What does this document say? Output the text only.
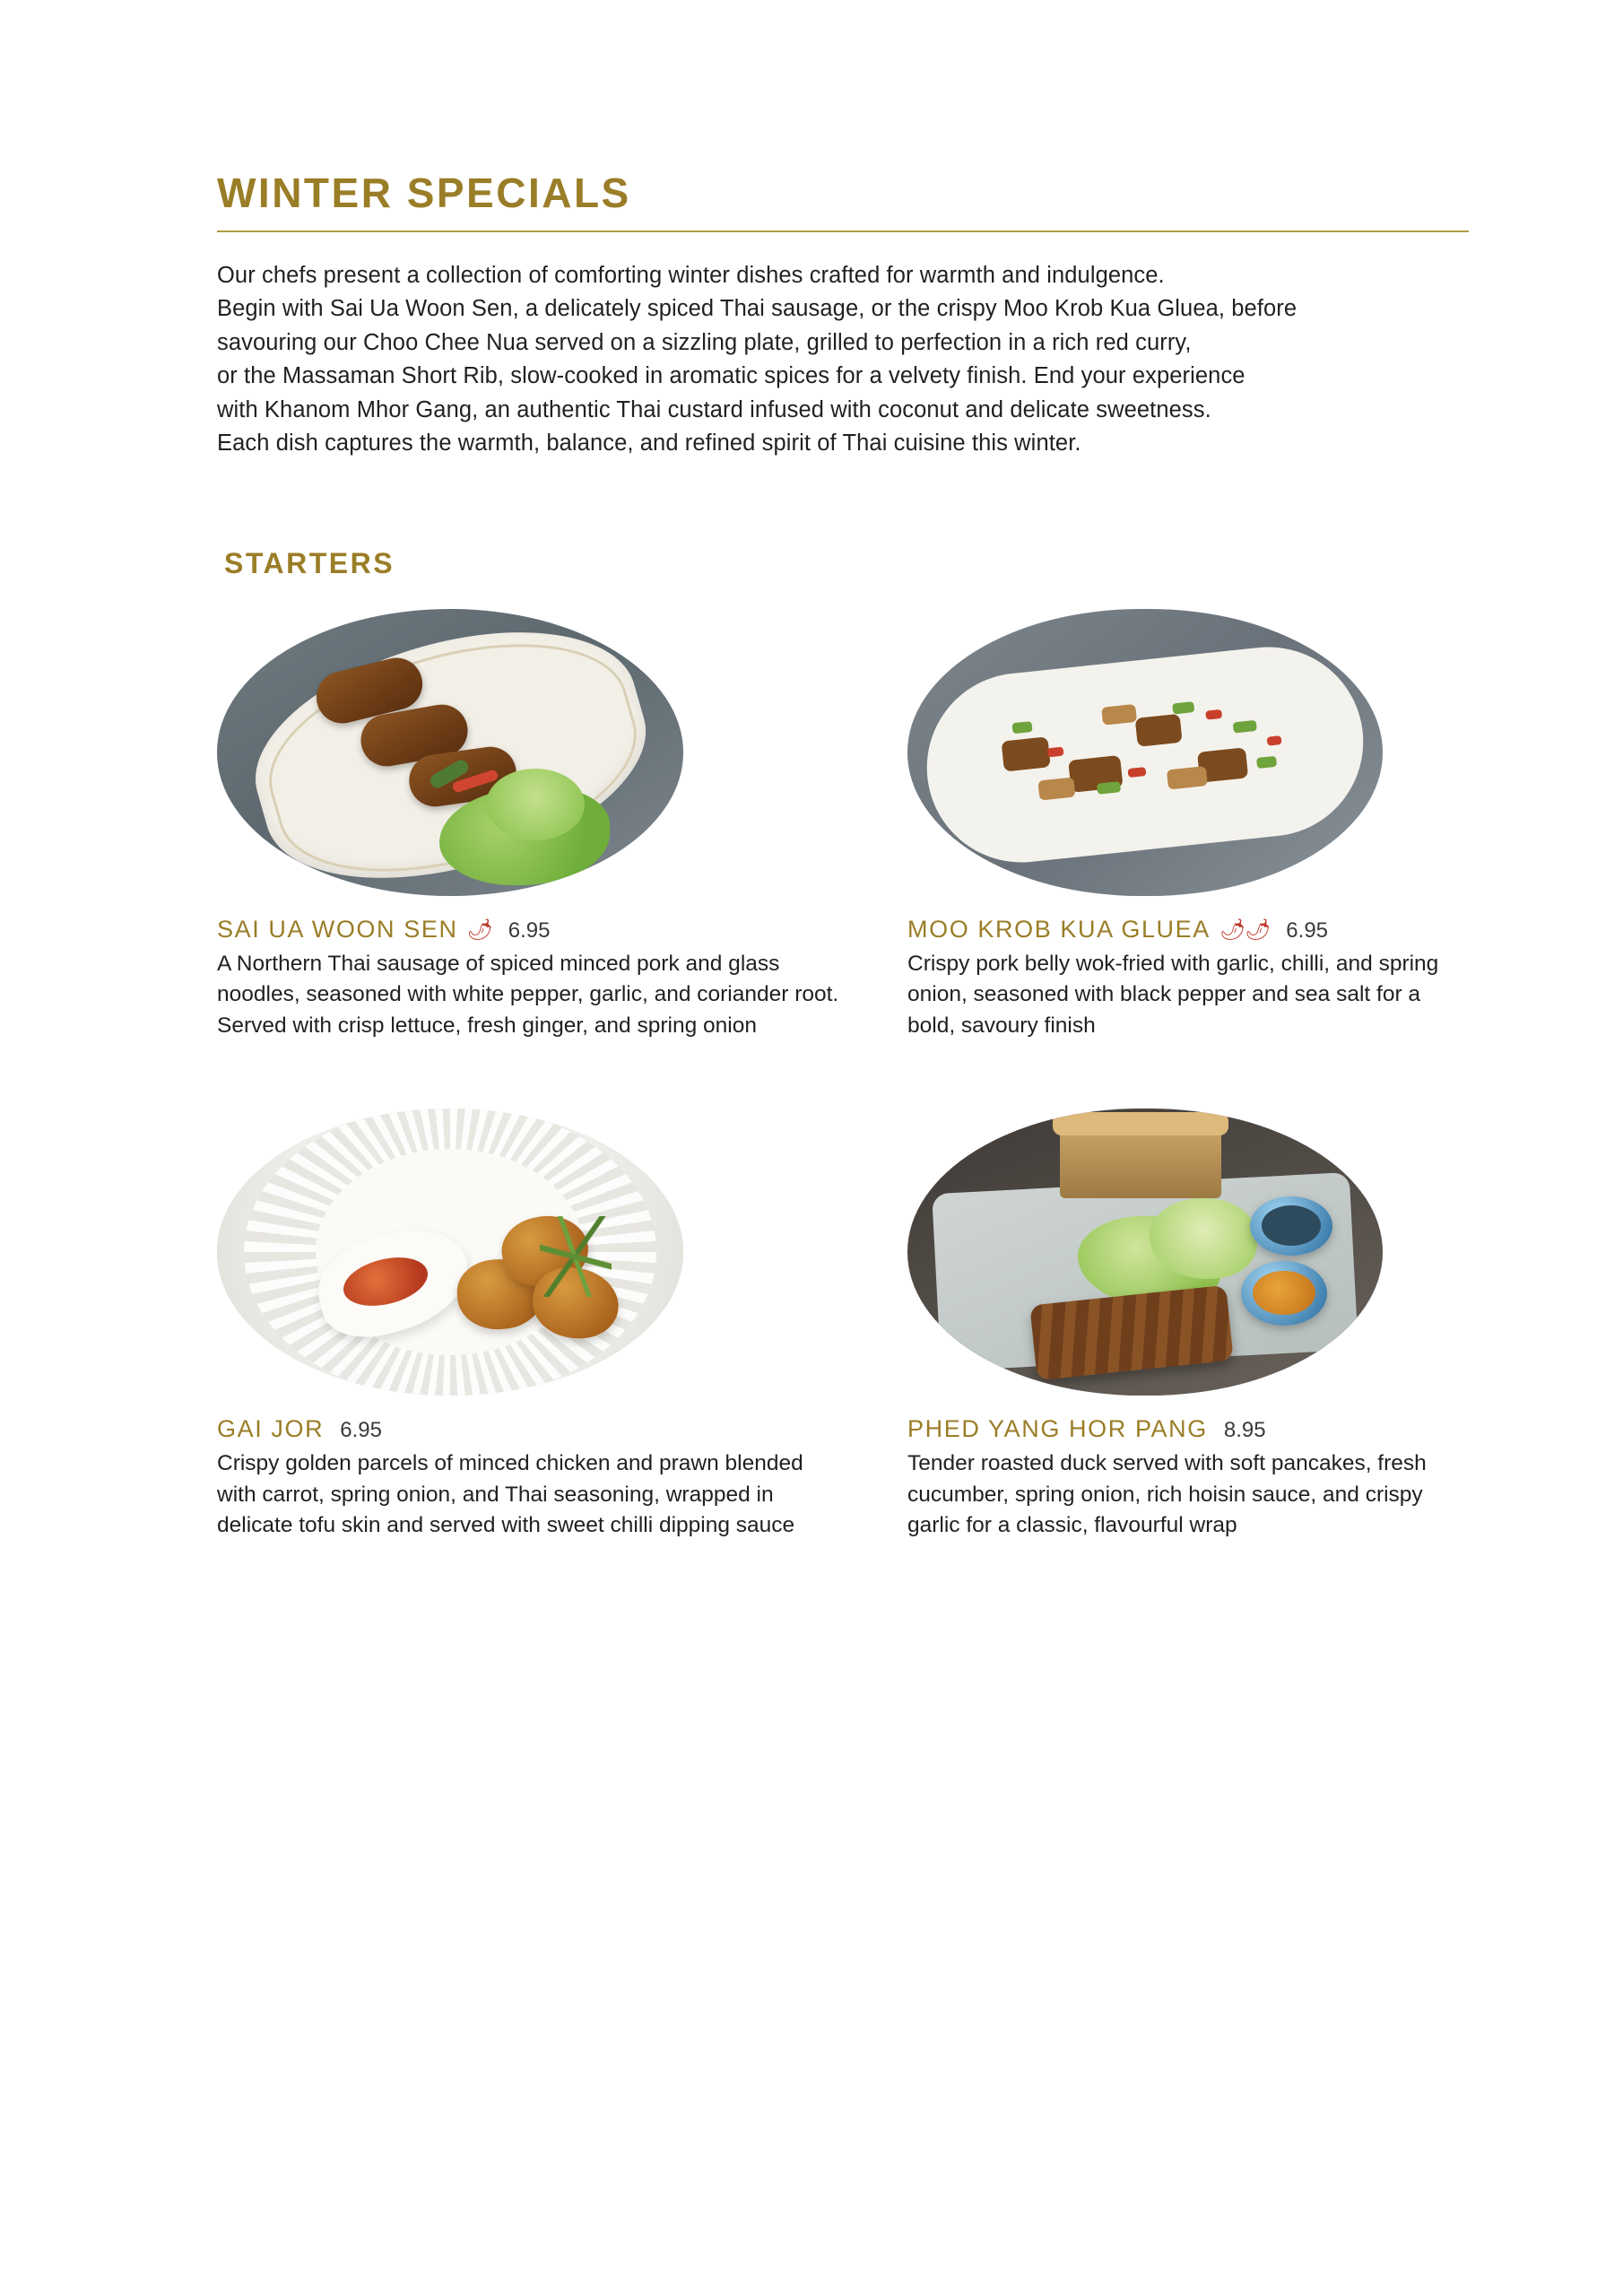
WINTER SPECIALS

Our chefs present a collection of comforting winter dishes crafted for warmth and indulgence.
Begin with Sai Ua Woon Sen, a delicately spiced Thai sausage, or the crispy Moo Krob Kua Gluea, before
savouring our Choo Chee Nua served on a sizzling plate, grilled to perfection in a rich red curry,
or the Massaman Short Rib, slow-cooked in aromatic spices for a velvety finish. End your experience
with Khanom Mhor Gang, an authentic Thai custard infused with coconut and delicate sweetness.
Each dish captures the warmth, balance, and refined spirit of Thai cuisine this winter.

STARTERS
SAI UA WOON SEN 🌶 6.95
A Northern Thai sausage of spiced minced pork and glass noodles, seasoned with white pepper, garlic, and coriander root. Served with crisp lettuce, fresh ginger, and spring onion
MOO KROB KUA GLUEA 🌶🌶 6.95
Crispy pork belly wok-fried with garlic, chilli, and spring onion, seasoned with black pepper and sea salt for a bold, savoury finish
GAI JOR 6.95
Crispy golden parcels of minced chicken and prawn blended with carrot, spring onion, and Thai seasoning, wrapped in delicate tofu skin and served with sweet chilli dipping sauce
PHED YANG HOR PANG 8.95
Tender roasted duck served with soft pancakes, fresh cucumber, spring onion, rich hoisin sauce, and crispy garlic for a classic, flavourful wrap
